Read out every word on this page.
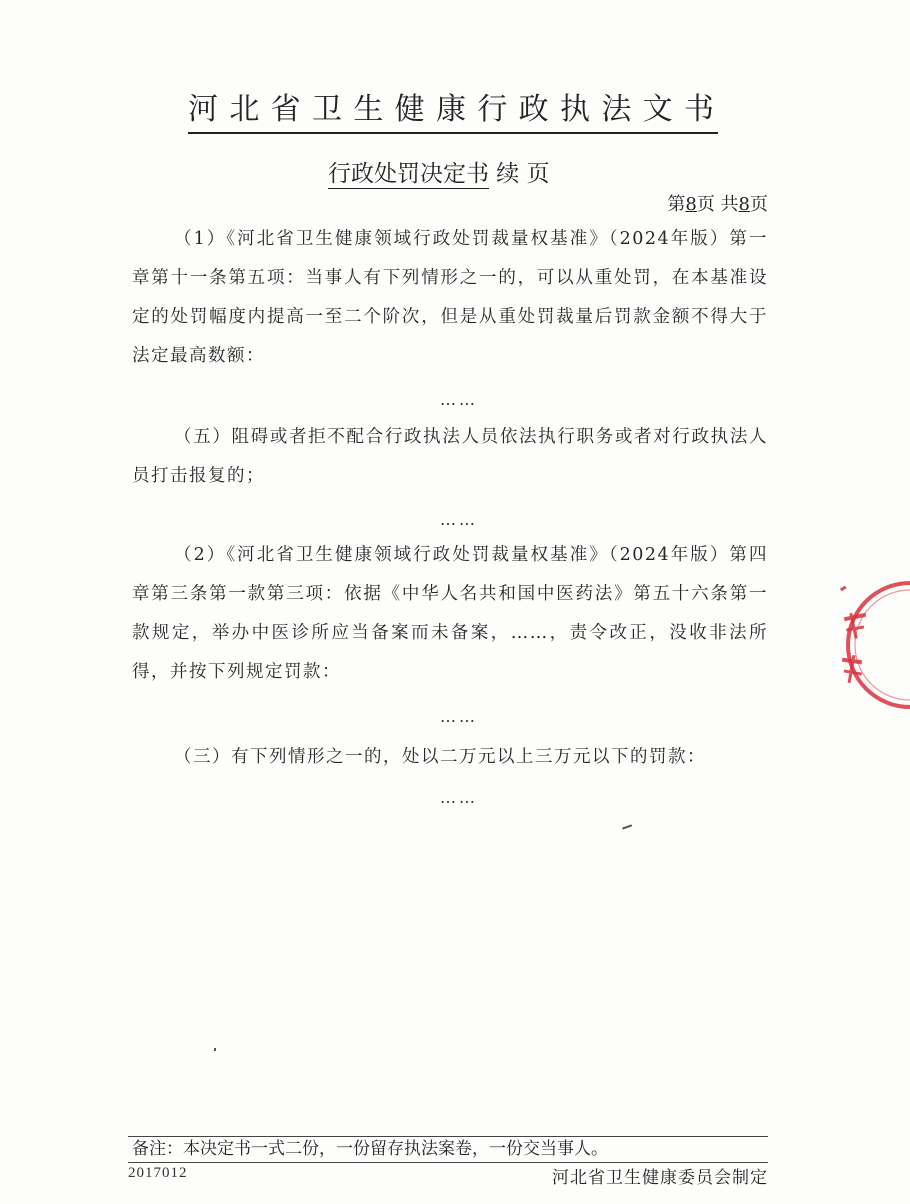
河北省卫生健康行政执法文书
行政处罚决定书 续 页
第8页 共8页

（1）《河北省卫生健康领域行政处罚裁量权基准》（2024年版）第一章第十一条第五项：当事人有下列情形之一的，可以从重处罚，在本基准设定的处罚幅度内提高一至二个阶次，但是从重处罚裁量后罚款金额不得大于法定最高数额：

……

（五）阻碍或者拒不配合行政执法人员依法执行职务或者对行政执法人员打击报复的；

……

（2）《河北省卫生健康领域行政处罚裁量权基准》（2024年版）第四章第三条第一款第三项：依据《中华人名共和国中医药法》第五十六条第一款规定，举办中医诊所应当备案而未备案，……，责令改正，没收非法所得，并按下列规定罚款：

……

（三）有下列情形之一的，处以二万元以上三万元以下的罚款：

……
备注：本决定书一式二份，一份留存执法案卷，一份交当事人。
2017012	河北省卫生健康委员会制定
